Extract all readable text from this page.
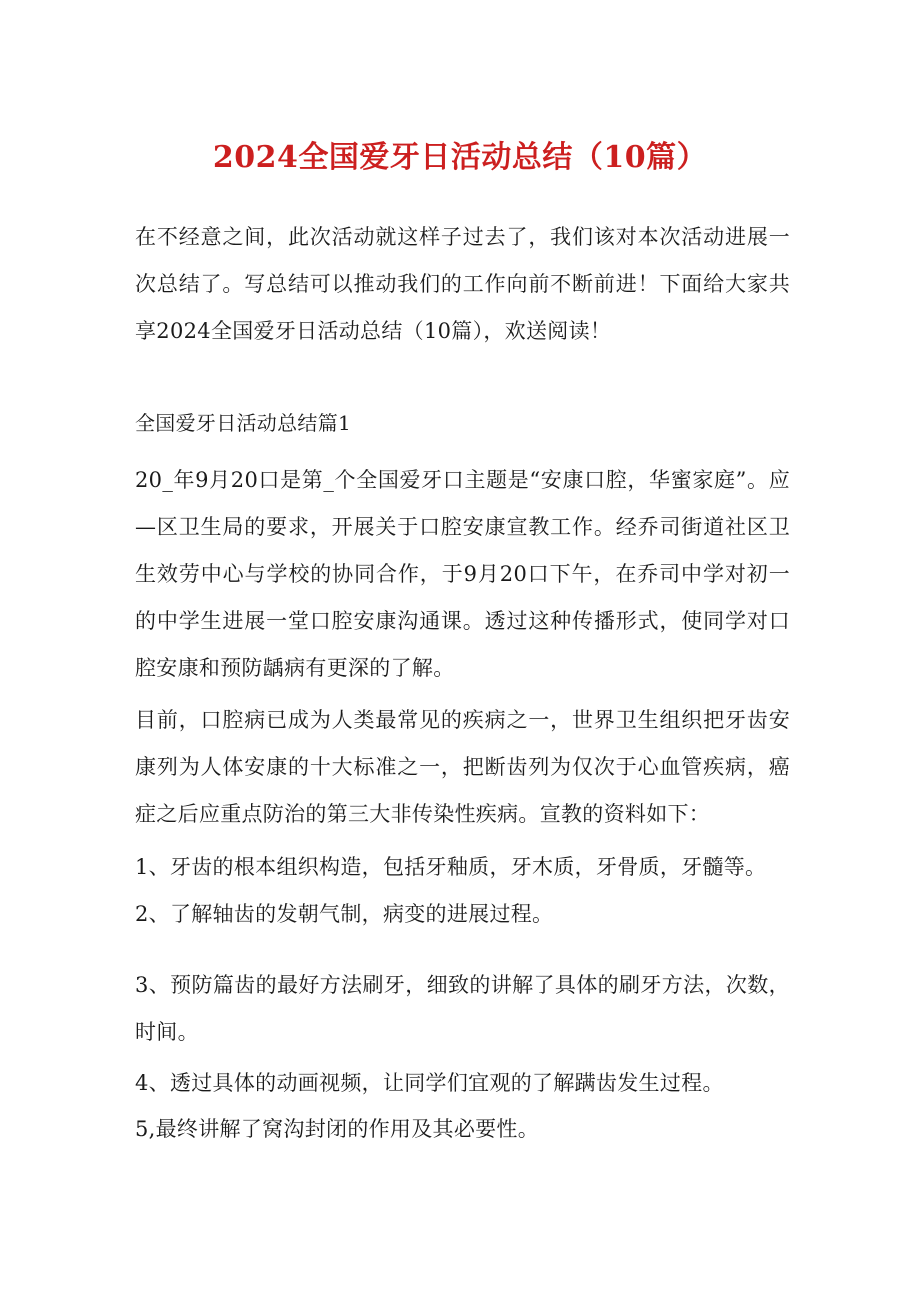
2024全国爱牙日活动总结（10篇）

在不经意之间，此次活动就这样子过去了，我们该对本次活动进展一次总结了。写总结可以推动我们的工作向前不断前进！下面给大家共享2024全国爱牙日活动总结（10篇），欢送阅读！

全国爱牙日活动总结篇1

20_年9月20口是第_个全国爱牙口主题是“安康口腔，华蜜家庭”。应—区卫生局的要求，开展关于口腔安康宣教工作。经乔司街道社区卫生效劳中心与学校的协同合作，于9月20口下午，在乔司中学对初一的中学生进展一堂口腔安康沟通课。透过这种传播形式，使同学对口腔安康和预防龋病有更深的了解。

目前，口腔病已成为人类最常见的疾病之一，世界卫生组织把牙齿安康列为人体安康的十大标准之一，把断齿列为仅次于心血管疾病，癌症之后应重点防治的第三大非传染性疾病。宣教的资料如下：

1、牙齿的根本组织构造，包括牙釉质，牙木质，牙骨质，牙髓等。

2、了解轴齿的发朝气制，病变的进展过程。

3、预防篇齿的最好方法刷牙，细致的讲解了具体的刷牙方法，次数，时间。

4、透过具体的动画视频，让同学们宜观的了解蹒齿发生过程。

5,最终讲解了窝沟封闭的作用及其必要性。
